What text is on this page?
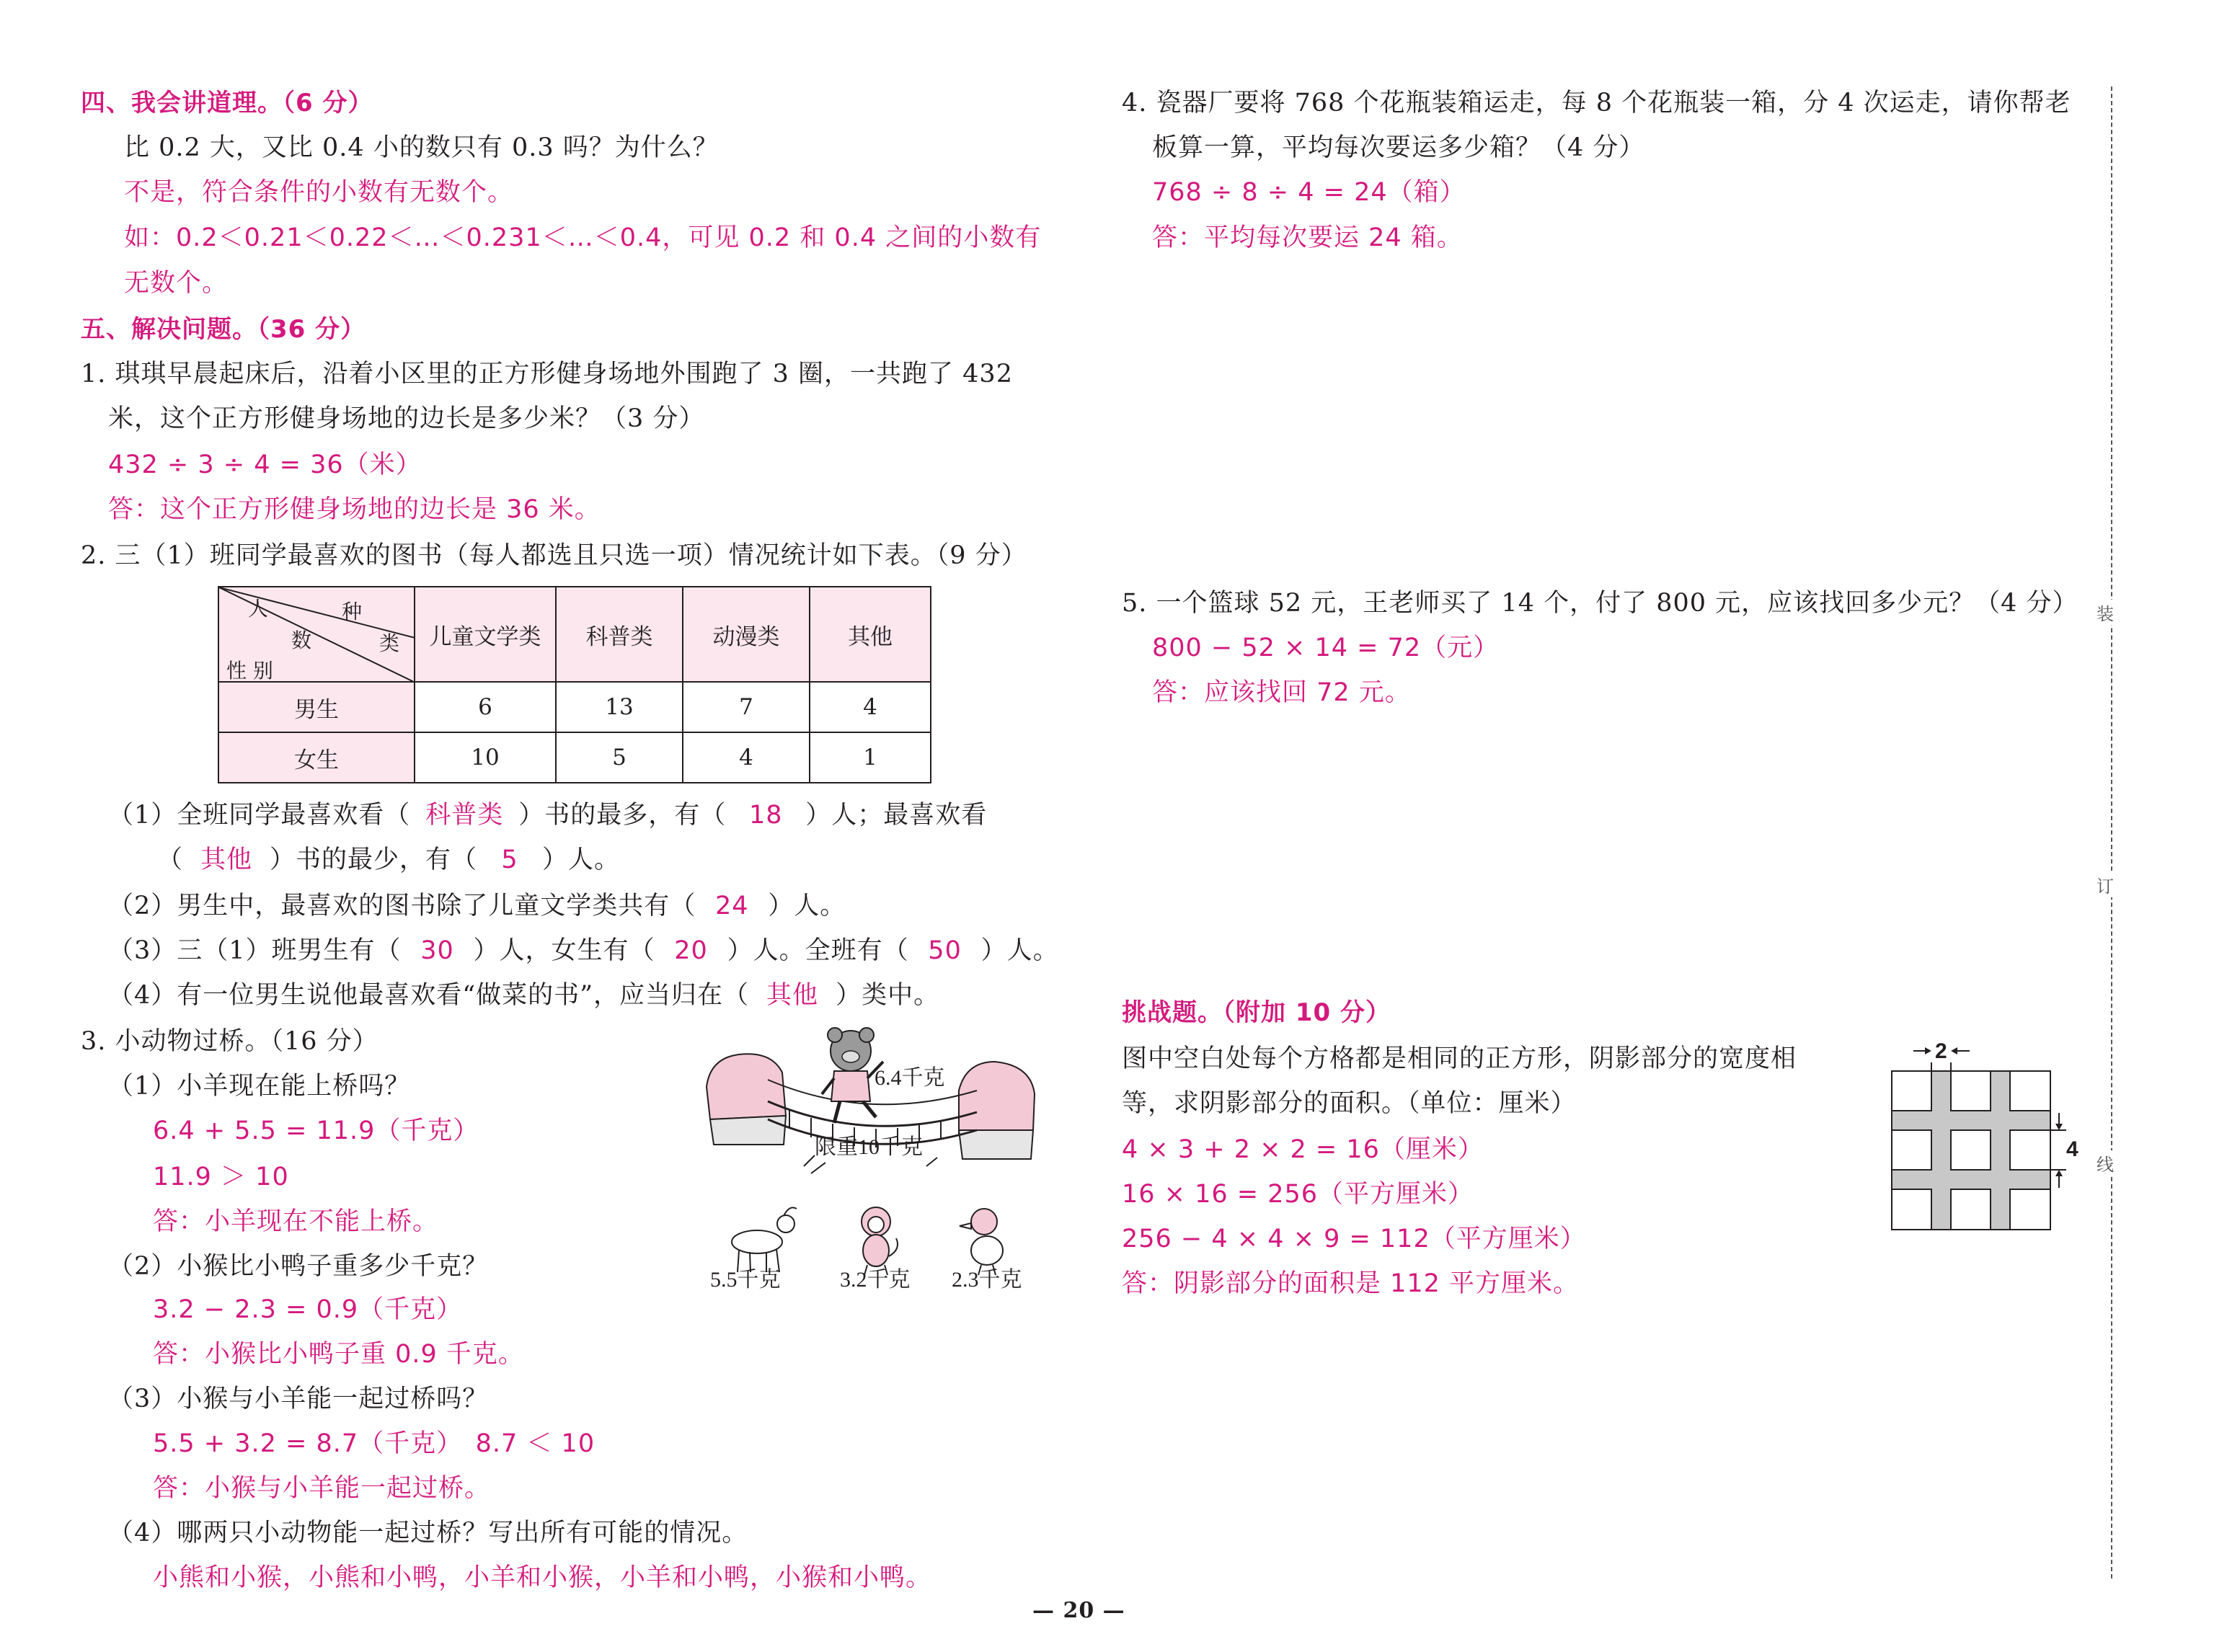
四、我会讲道理。（6 分）
比 0.2 大，又比 0.4 小的数只有 0.3 吗？为什么？
不是，符合条件的小数有无数个。
如：0.2＜0.21＜0.22＜…＜0.231＜…＜0.4，可见 0.2 和 0.4 之间的小数有
无数个。
五、解决问题。（36 分）
1. 琪琪早晨起床后，沿着小区里的正方形健身场地外围跑了 3 圈，一共跑了 432
米，这个正方形健身场地的边长是多少米？（3 分）
432 ÷ 3 ÷ 4 = 36（米）
答：这个正方形健身场地的边长是 36 米。
2. 三（1）班同学最喜欢的图书（每人都选且只选一项）情况统计如下表。（9 分）
人 种
数 类
性 别	儿童文学类	科普类	动漫类	其他
男生	6	13	7	4
女生	10	5	4	1
（1）全班同学最喜欢看（ 科普类 ）书的最多，有（ 18 ）人；最喜欢看
（ 其他 ）书的最少，有（ 5 ）人。
（2）男生中，最喜欢的图书除了儿童文学类共有（ 24 ）人。
（3）三（1）班男生有（ 30 ）人，女生有（ 20 ）人。全班有（ 50 ）人。
（4）有一位男生说他最喜欢看“做菜的书”，应当归在（ 其他 ）类中。
3. 小动物过桥。（16 分）
（1）小羊现在能上桥吗？
6.4 + 5.5 = 11.9（千克）
11.9 ＞ 10
答：小羊现在不能上桥。
（2）小猴比小鸭子重多少千克？
3.2 − 2.3 = 0.9（千克）
答：小猴比小鸭子重 0.9 千克。
（3）小猴与小羊能一起过桥吗？
5.5 + 3.2 = 8.7（千克）　8.7 ＜ 10
答：小猴与小羊能一起过桥。
（4）哪两只小动物能一起过桥？写出所有可能的情况。
小熊和小猴，小熊和小鸭，小羊和小猴，小羊和小鸭，小猴和小鸭。
6.4千克
限重10千克
5.5千克	3.2千克 2.3千克
4. 瓷器厂要将 768 个花瓶装箱运走，每 8 个花瓶装一箱，分 4 次运走，请你帮老
板算一算，平均每次要运多少箱？（4 分）
768 ÷ 8 ÷ 4 = 24（箱）
答：平均每次要运 24 箱。
5. 一个篮球 52 元，王老师买了 14 个，付了 800 元，应该找回多少元？（4 分）
800 − 52 × 14 = 72（元）
答：应该找回 72 元。
挑战题。（附加 10 分）
图中空白处每个方格都是相同的正方形，阴影部分的宽度相
等，求阴影部分的面积。（单位：厘米）
4 × 3 + 2 × 2 = 16（厘米）
16 × 16 = 256（平方厘米）
256 − 4 × 4 × 9 = 112（平方厘米）
答：阴影部分的面积是 112 平方厘米。
2
4
装
订
线
— 20 —
